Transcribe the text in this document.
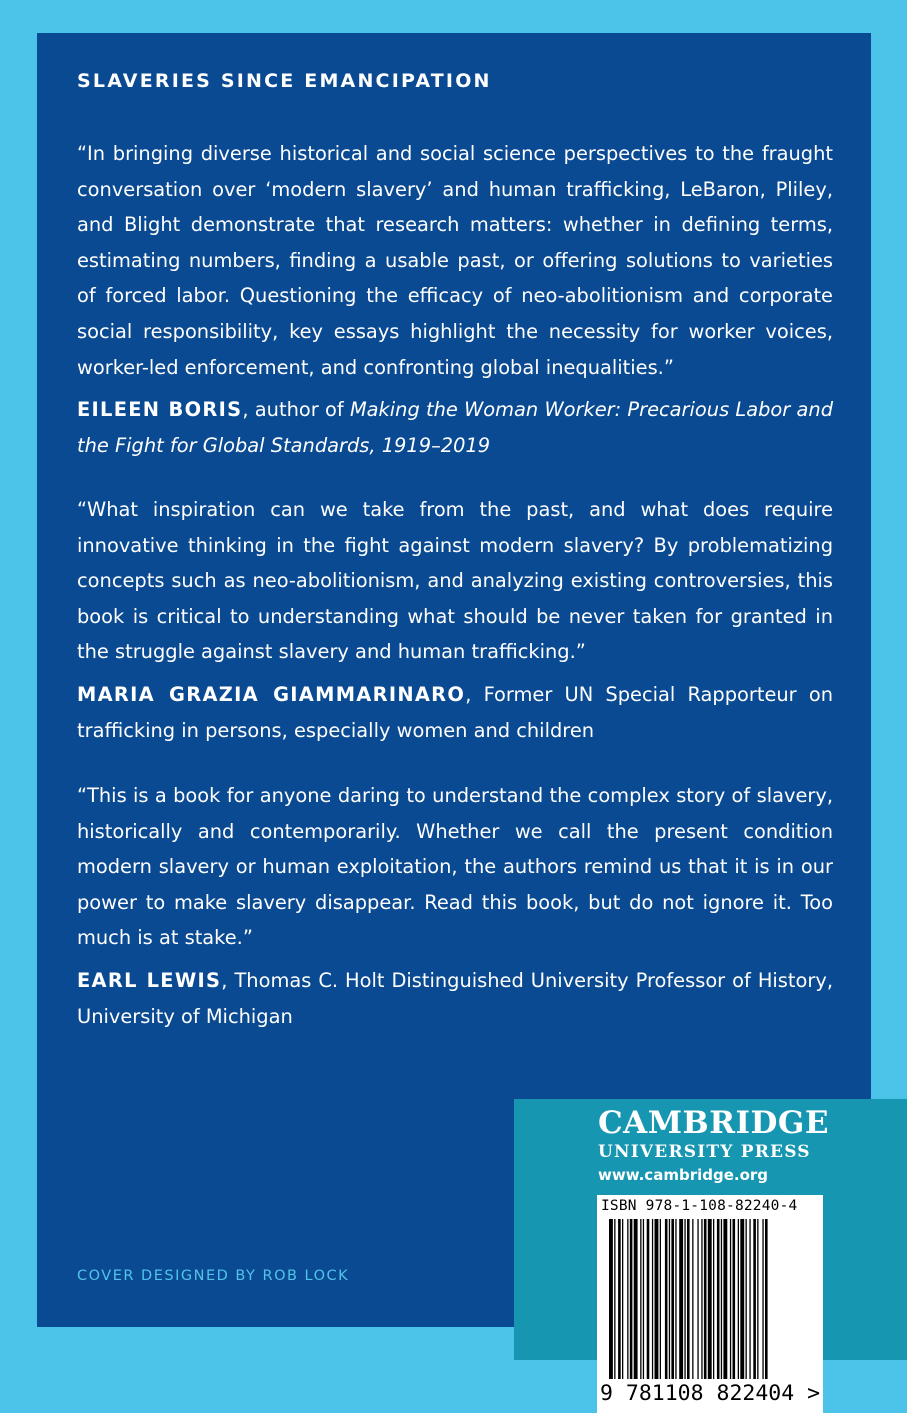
SLAVERIES SINCE EMANCIPATION

“In bringing diverse historical and social science perspectives to the fraught conversation over ‘modern slavery’ and human trafficking, LeBaron, Pliley, and Blight demonstrate that research matters: whether in defining terms, estimating numbers, finding a usable past, or offering solutions to varieties of forced labor. Questioning the efficacy of neo-abolitionism and corporate social responsibility, key essays highlight the necessity for worker voices, worker-led enforcement, and confronting global inequalities.”

EILEEN BORIS, author of Making the Woman Worker: Precarious Labor and the Fight for Global Standards, 1919–2019

“What inspiration can we take from the past, and what does require innovative thinking in the fight against modern slavery? By problematizing concepts such as neo-abolitionism, and analyzing existing controversies, this book is critical to understanding what should be never taken for granted in the struggle against slavery and human trafficking.”

MARIA GRAZIA GIAMMARINARO, Former UN Special Rapporteur on trafficking in persons, especially women and children

“This is a book for anyone daring to understand the complex story of slavery, historically and contemporarily. Whether we call the present condition modern slavery or human exploitation, the authors remind us that it is in our power to make slavery disappear. Read this book, but do not ignore it. Too much is at stake.”

EARL LEWIS, Thomas C. Holt Distinguished University Professor of History, University of Michigan

COVER DESIGNED BY ROB LOCK
CAMBRIDGE
UNIVERSITY PRESS
www.cambridge.org
ISBN 978-1-108-82240-4
9 781108 822404 >
